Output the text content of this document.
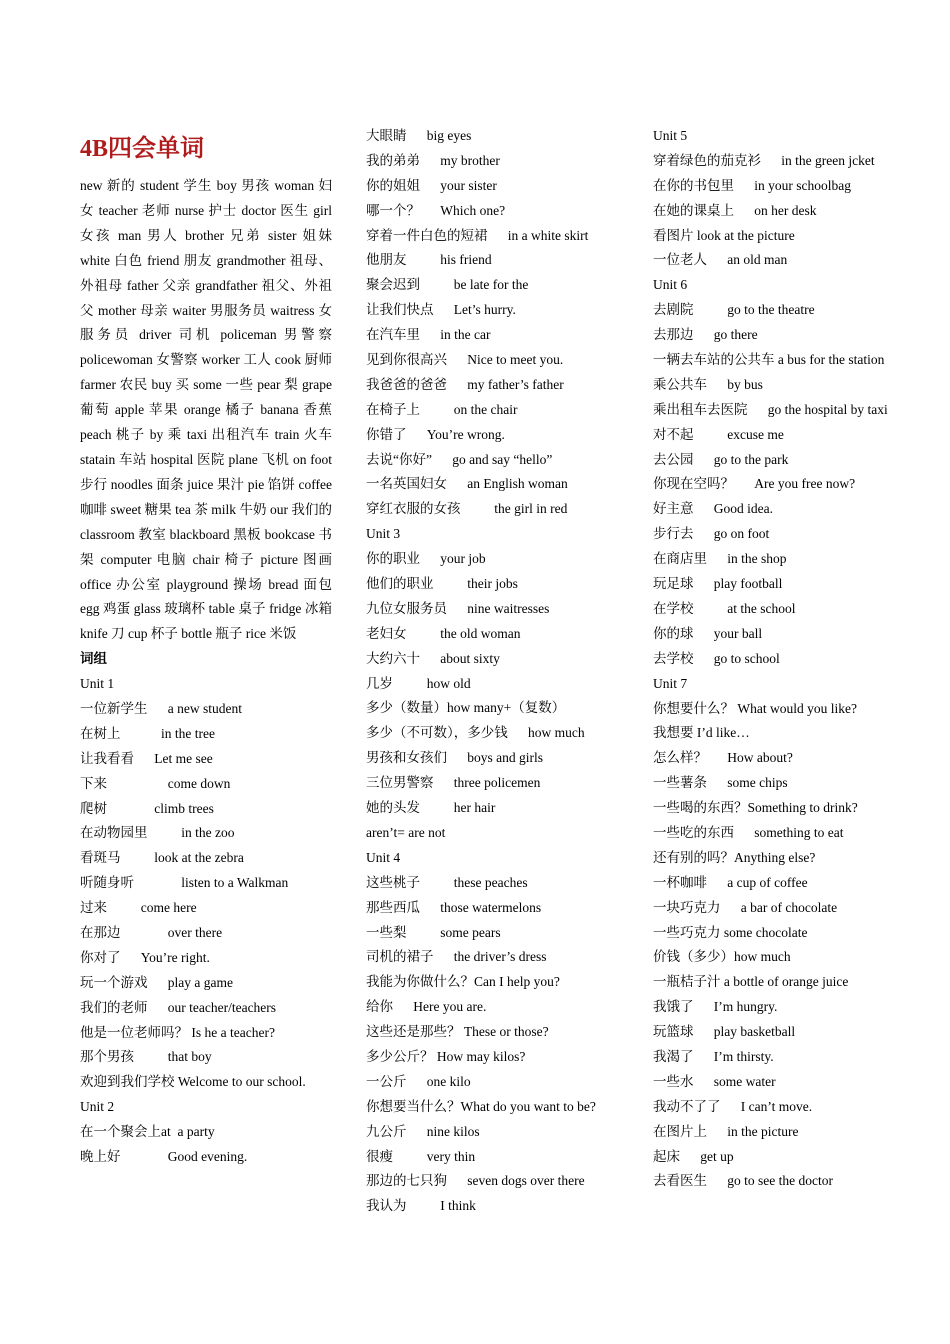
4B四会单词
new 新的 student 学生 boy 男孩 woman 妇女 teacher 老师 nurse 护士 doctor 医生 girl 女孩 man 男人 brother 兄弟 sister 姐妹 white 白色 friend 朋友 grandmother 祖母、外祖母 father 父亲 grandfather 祖父、外祖父 mother 母亲 waiter 男服务员 waitress 女服务员 driver 司机 policeman 男警察 policewoman 女警察 worker 工人 cook 厨师 farmer 农民 buy 买 some 一些 pear 梨 grape 葡萄 apple 苹果 orange 橘子 banana 香蕉 peach 桃子 by 乘 taxi 出租汽车 train 火车 statain 车站 hospital 医院 plane 飞机 on foot 步行 noodles 面条 juice 果汁 pie 馅饼 coffee 咖啡 sweet 糖果 tea 茶 milk 牛奶 our 我们的 classroom 教室 blackboard 黑板 bookcase 书架 computer 电脑 chair 椅子 picture 图画 office 办公室 playground 操场 bread 面包 egg 鸡蛋 glass 玻璃杯 table 桌子 fridge 冰箱 knife 刀 cup 杯子 bottle 瓶子 rice 米饭
词组
Unit 1
一位新学生      a new student
在树上            in the tree
让我看看      Let me see
下来                  come down
爬树              climb trees
在动物园里          in the zoo
看斑马          look at the zebra
听随身听              listen to a Walkman
过来          come here
在那边              over there
你对了      You’re right.
玩一个游戏      play a game
我们的老师      our teacher/teachers
他是一位老师吗？ Is he a teacher?
那个男孩          that boy
欢迎到我们学校 Welcome to our school.
Unit 2
在一个聚会上at  a party
晚上好              Good evening.
大眼睛      big eyes
我的弟弟      my brother
你的姐姐      your sister
哪一个？      Which one?
穿着一件白色的短裙      in a white skirt
他朋友          his friend
聚会迟到          be late for the
让我们快点      Let’s hurry.
在汽车里      in the car
见到你很高兴      Nice to meet you.
我爸爸的爸爸      my father’s father
在椅子上          on the chair
你错了      You’re wrong.
去说“你好”      go and say “hello”
一名英国妇女      an English woman
穿红衣服的女孩          the girl in red
Unit 3
你的职业      your job
他们的职业          their jobs
九位女服务员      nine waitresses
老妇女          the old woman
大约六十      about sixty
几岁          how old
多少（数量）how many+（复数）
多少（不可数），多少钱      how much
男孩和女孩们      boys and girls
三位男警察      three policemen
她的头发          her hair
aren’t= are not
Unit 4
这些桃子          these peaches
那些西瓜      those watermelons
一些梨          some pears
司机的裙子      the driver’s dress
我能为你做什么？Can I help you?
给你      Here you are.
这些还是那些？ These or those?
多少公斤？ How may kilos?
一公斤      one kilo
你想要当什么？What do you want to be?
九公斤      nine kilos
很瘦          very thin
那边的七只狗      seven dogs over there
我认为          I think
Unit 5
穿着绿色的茄克衫      in the green jcket
在你的书包里      in your schoolbag
在她的课桌上      on her desk
看图片 look at the picture
一位老人      an old man
Unit 6
去剧院          go to the theatre
去那边      go there
一辆去车站的公共车 a bus for the station
乘公共车      by bus
乘出租车去医院      go the hospital by taxi
对不起          excuse me
去公园      go to the park
你现在空吗？      Are you free now?
好主意      Good idea.
步行去      go on foot
在商店里      in the shop
玩足球      play football
在学校          at the school
你的球      your ball
去学校      go to school
Unit 7
你想要什么？ What would you like?
我想要 I’d like…
怎么样？      How about?
一些薯条      some chips
一些喝的东西？Something to drink?
一些吃的东西      something to eat
还有别的吗？Anything else?
一杯咖啡      a cup of coffee
一块巧克力      a bar of chocolate
一些巧克力 some chocolate
价钱（多少）how much
一瓶桔子汁 a bottle of orange juice
我饿了      I’m hungry.
玩篮球      play basketball
我渴了      I’m thirsty.
一些水      some water
我动不了了      I can’t move.
在图片上      in the picture
起床      get up
去看医生      go to see the doctor
